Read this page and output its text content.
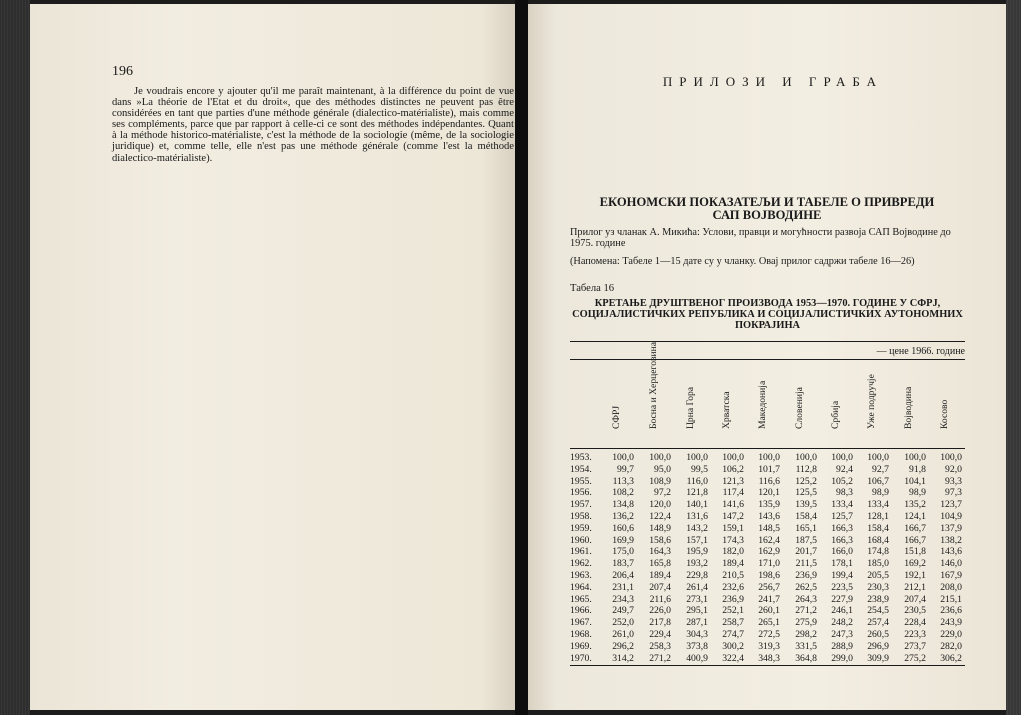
196

Je voudrais encore y ajouter qu'il me paraît maintenant, à la différence du point de vue dans »La théorie de l'Etat et du droit«, que des méthodes distinctes ne peuvent pas être considérées en tant que parties d'une méthode générale (dialectico-matérialiste), mais comme ses compléments, parce que par rapport à celle-ci ce sont des méthodes indépendantes. Quant à la méthode historico-matérialiste, c'est la méthode de la sociologie (même, de la sociologie juridique) et, comme telle, elle n'est pas une méthode générale (comme l'est la méthode dialectico-matérialiste).

ПРИЛОЗИ И ГРАБА
ЕКОНОМСКИ ПОКАЗАТЕЉИ И ТАБЕЛЕ О ПРИВРЕДИ САП ВОЈВОДИНЕ
Прилог уз чланак А. Микића: Услови, правци и могућности развоја САП Војводине до 1975. године
(Напомена: Табеле 1—15 дате су у чланку. Овај прилог садржи табеле 16—26)
Табела 16
КРЕТАЊЕ ДРУШТВЕНОГ ПРОИЗВОДА 1953—1970. ГОДИНЕ У СФРЈ, СОЦИЈАЛИСТИЧКИХ РЕПУБЛИКА И СОЦИЈАЛИСТИЧКИХ АУТОНОМНИХ ПОКРАЈИНА
— цене 1966. године
СФРЈ	Босна и Херцеговина	Црна Гора	Хрватска	Македонија	Словенија	Србија	Уже подручје	Војводина	Косово
1953.	100,0	100,0	100,0	100,0	100,0	100,0	100,0	100,0	100,0	100,0
1954.	99,7	95,0	99,5	106,2	101,7	112,8	92,4	92,7	91,8	92,0
1955.	113,3	108,9	116,0	121,3	116,6	125,2	105,2	106,7	104,1	93,3
1956.	108,2	97,2	121,8	117,4	120,1	125,5	98,3	98,9	98,9	97,3
1957.	134,8	120,0	140,1	141,6	135,9	139,5	133,4	133,4	135,2	123,7
1958.	136,2	122,4	131,6	147,2	143,6	158,4	125,7	128,1	124,1	104,9
1959.	160,6	148,9	143,2	159,1	148,5	165,1	166,3	158,4	166,7	137,9
1960.	169,9	158,6	157,1	174,3	162,4	187,5	166,3	168,4	166,7	138,2
1961.	175,0	164,3	195,9	182,0	162,9	201,7	166,0	174,8	151,8	143,6
1962.	183,7	165,8	193,2	189,4	171,0	211,5	178,1	185,0	169,2	146,0
1963.	206,4	189,4	229,8	210,5	198,6	236,9	199,4	205,5	192,1	167,9
1964.	231,1	207,4	261,4	232,6	256,7	262,5	223,5	230,3	212,1	208,0
1965.	234,3	211,6	273,1	236,9	241,7	264,3	227,9	238,9	207,4	215,1
1966.	249,7	226,0	295,1	252,1	260,1	271,2	246,1	254,5	230,5	236,6
1967.	252,0	217,8	287,1	258,7	265,1	275,9	248,2	257,4	228,4	243,9
1968.	261,0	229,4	304,3	274,7	272,5	298,2	247,3	260,5	223,3	229,0
1969.	296,2	258,3	373,8	300,2	319,3	331,5	288,9	296,9	273,7	282,0
1970.	314,2	271,2	400,9	322,4	348,3	364,8	299,0	309,9	275,2	306,2
